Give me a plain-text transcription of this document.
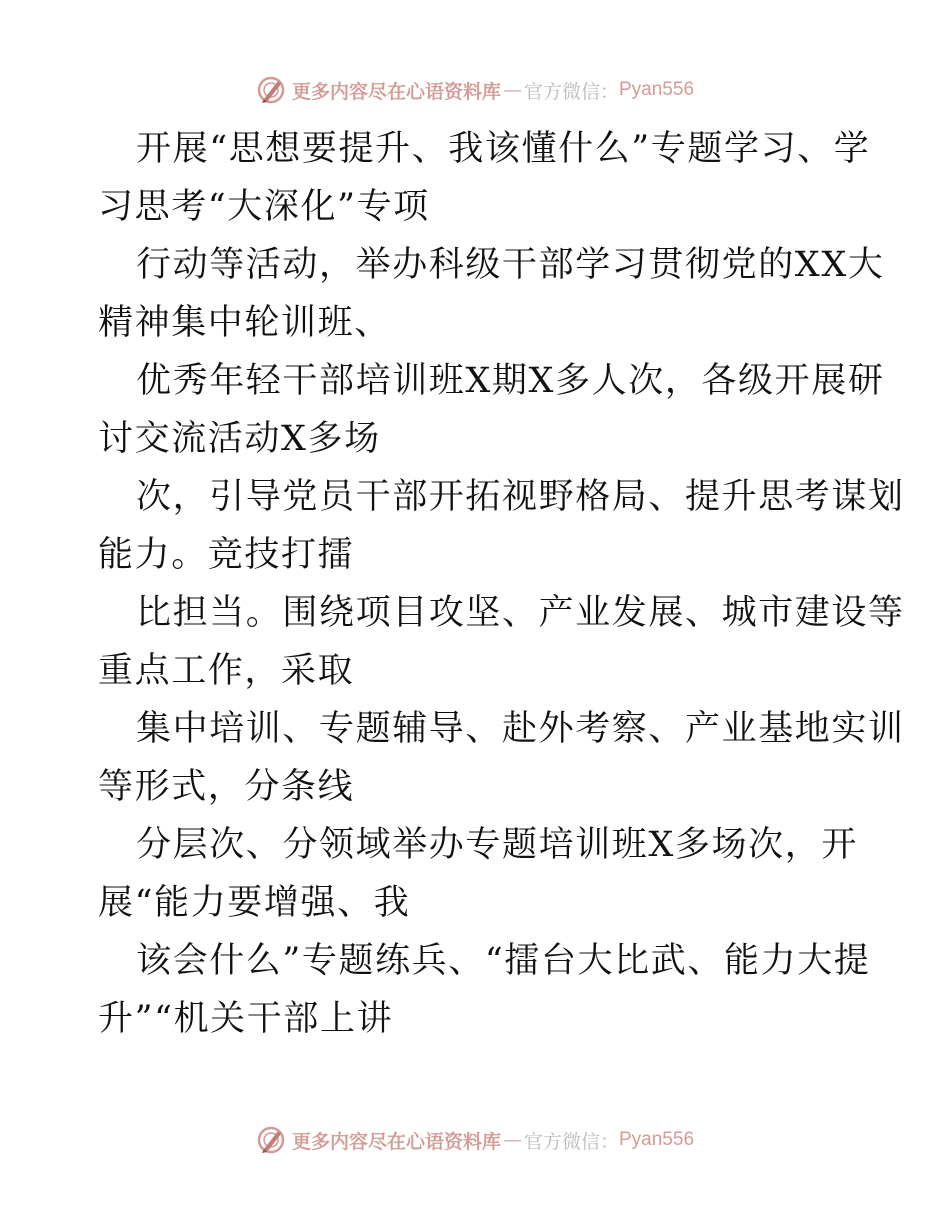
更多内容尽在心语资料库 — 官方微信： Pyan556
开展“思想要提升、我该懂什么”专题学习、学
习思考“大深化”专项
行动等活动，举办科级干部学习贯彻党的XX大
精神集中轮训班、
优秀年轻干部培训班X期X多人次，各级开展研
讨交流活动X多场
次，引导党员干部开拓视野格局、提升思考谋划
能力。竞技打擂
比担当。围绕项目攻坚、产业发展、城市建设等
重点工作，采取
集中培训、专题辅导、赴外考察、产业基地实训
等形式，分条线
分层次、分领域举办专题培训班X多场次，开
展“能力要增强、我
该会什么”专题练兵、“擂台大比武、能力大提
升”“机关干部上讲
更多内容尽在心语资料库 — 官方微信： Pyan556
